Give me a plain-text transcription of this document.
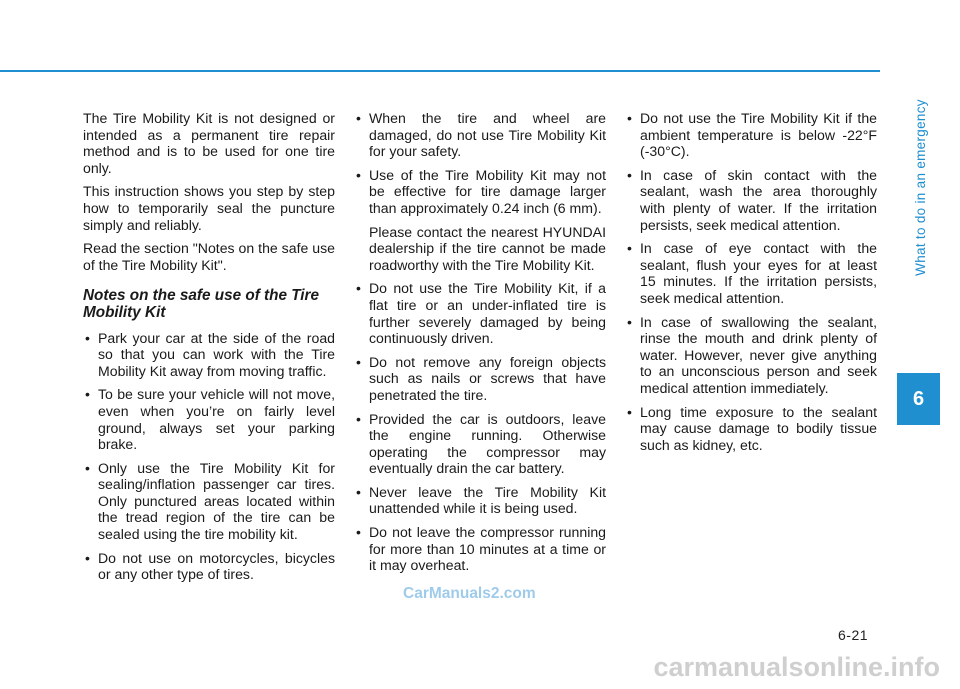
The Tire Mobility Kit is not designed or intended as a permanent tire repair method and is to be used for one tire only.

This instruction shows you step by step how to temporarily seal the puncture simply and reliably.

Read the section "Notes on the safe use of the Tire Mobility Kit".

Notes on the safe use of the Tire Mobility Kit
• Park your car at the side of the road so that you can work with the Tire Mobility Kit away from moving traffic.
• To be sure your vehicle will not move, even when you’re on fairly level ground, always set your parking brake.
• Only use the Tire Mobility Kit for sealing/inflation passenger car tires. Only punctured areas located within the tread region of the tire can be sealed using the tire mobility kit.
• Do not use on motorcycles, bicycles or any other type of tires.
• When the tire and wheel are damaged, do not use Tire Mobility Kit for your safety.
• Use of the Tire Mobility Kit may not be effective for tire damage larger than approximately 0.24 inch (6 mm).

Please contact the nearest HYUNDAI dealership if the tire cannot be made roadworthy with the Tire Mobility Kit.

• Do not use the Tire Mobility Kit, if a flat tire or an under-inflated tire is further severely damaged by being continuously driven.
• Do not remove any foreign objects such as nails or screws that have penetrated the tire.
• Provided the car is outdoors, leave the engine running. Otherwise operating the compressor may eventually drain the car battery.
• Never leave the Tire Mobility Kit unattended while it is being used.
• Do not leave the compressor running for more than 10 minutes at a time or it may overheat.
• Do not use the Tire Mobility Kit if the ambient temperature is below -22°F (-30°C).
• In case of skin contact with the sealant, wash the area thoroughly with plenty of water. If the irritation persists, seek medical attention.
• In case of eye contact with the sealant, flush your eyes for at least 15 minutes. If the irritation persists, seek medical attention.
• In case of swallowing the sealant, rinse the mouth and drink plenty of water. However, never give anything to an unconscious person and seek medical attention immediately.
• Long time exposure to the sealant may cause damage to bodily tissue such as kidney, etc.
What to do in an emergency
6
CarManuals2.com
6-21
carmanualsonline.info
